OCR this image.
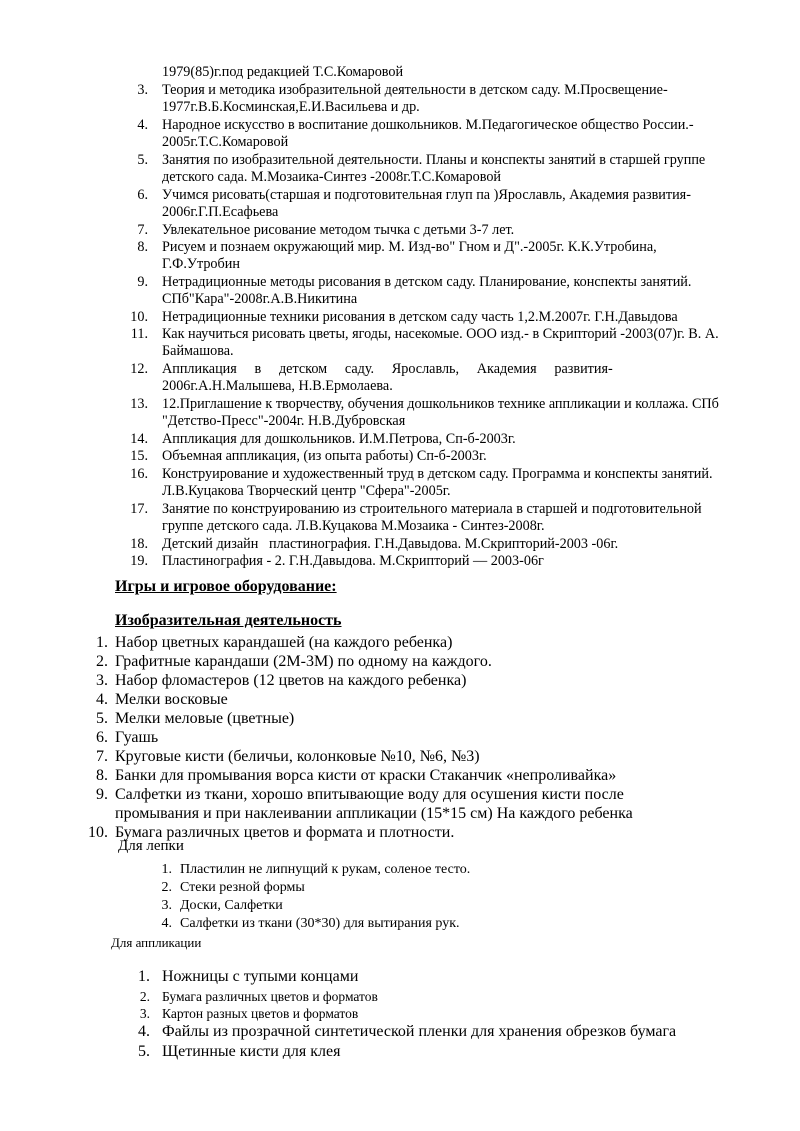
1979(85)г.под редакцией Т.С.Комаровой
3. Теория и методика изобразительной деятельности в детском саду. М.Просвещение-
1977г.В.Б.Косминская,Е.И.Васильева и др.
4. Народное искусство в воспитание дошкольников. М.Педагогическое общество России.-
2005г.Т.С.Комаровой
5. Занятия по изобразительной деятельности. Планы и конспекты занятий в старшей группе
детского сада. М.Мозаика-Синтез -2008г.Т.С.Комаровой
6. Учимся рисовать(старшая и подготовительная глуп па )Ярославль, Академия развития-
2006г.Г.П.Есафьева
7. Увлекательное рисование методом тычка с детьми 3-7 лет.
8. Рисуем и познаем окружающий мир. М. Изд-во" Гном и Д".-2005г. К.К.Утробина,
Г.Ф.Утробин
9. Нетрадиционные методы рисования в детском саду. Планирование, конспекты занятий.
СПб"Кара"-2008г.А.В.Никитина
10. Нетрадиционные техники рисования в детском саду часть 1,2.М.2007г. Г.Н.Давыдова
11. Как научиться рисовать цветы, ягоды, насекомые. ООО изд.- в Скрипторий -2003(07)г. В. А.
Баймашова.
12. Аппликация     в     детском     саду.     Ярославль,     Академия     развития-
2006г.А.Н.Малышева, Н.В.Ермолаева.
13. 12.Приглашение к творчеству, обучения дошкольников технике аппликации и коллажа. СПб
"Детство-Пресс"-2004г. Н.В.Дубровская
14. Аппликация для дошкольников. И.М.Петрова, Сп-б-2003г.
15. Объемная аппликация, (из опыта работы) Сп-б-2003г.
16. Конструирование и художественный труд в детском саду. Программа и конспекты занятий.
Л.В.Куцакова Творческий центр "Сфера"-2005г.
17. Занятие по конструированию из строительного материала в старшей и подготовительной
группе детского сада. Л.В.Куцакова М.Мозаика - Синтез-2008г.
18. Детский дизайн   пластинография. Г.Н.Давыдова. М.Скрипторий-2003 -06г.
19. Пластинография - 2. Г.Н.Давыдова. М.Скрипторий — 2003-06г
Игры и игровое оборудование:
Изобразительная деятельность
1. Набор цветных карандашей (на каждого ребенка)
2. Графитные карандаши (2М-3М) по одному на каждого.
3. Набор фломастеров (12 цветов на каждого ребенка)
4. Мелки восковые
5. Мелки меловые (цветные)
6. Гуашь
7. Круговые кисти (беличьи, колонковые №10, №6, №3)
8. Банки для промывания ворса кисти от краски Стаканчик «непроливайка»
9. Салфетки из ткани, хорошо впитывающие воду для осушения кисти после
промывания и при наклеивании аппликации (15*15 см) На каждого ребенка
10. Бумага различных цветов и формата и плотности.
Для лепки
1. Пластилин не липнущий к рукам, соленое тесто.
2. Стеки резной формы
3. Доски, Салфетки
4. Салфетки из ткани (30*30) для вытирания рук.
Для аппликации
1. Ножницы с тупыми концами
2. Бумага различных цветов и форматов
3. Картон разных цветов и форматов
4. Файлы из прозрачной синтетической пленки для хранения обрезков бумага
5. Щетинные кисти для клея
